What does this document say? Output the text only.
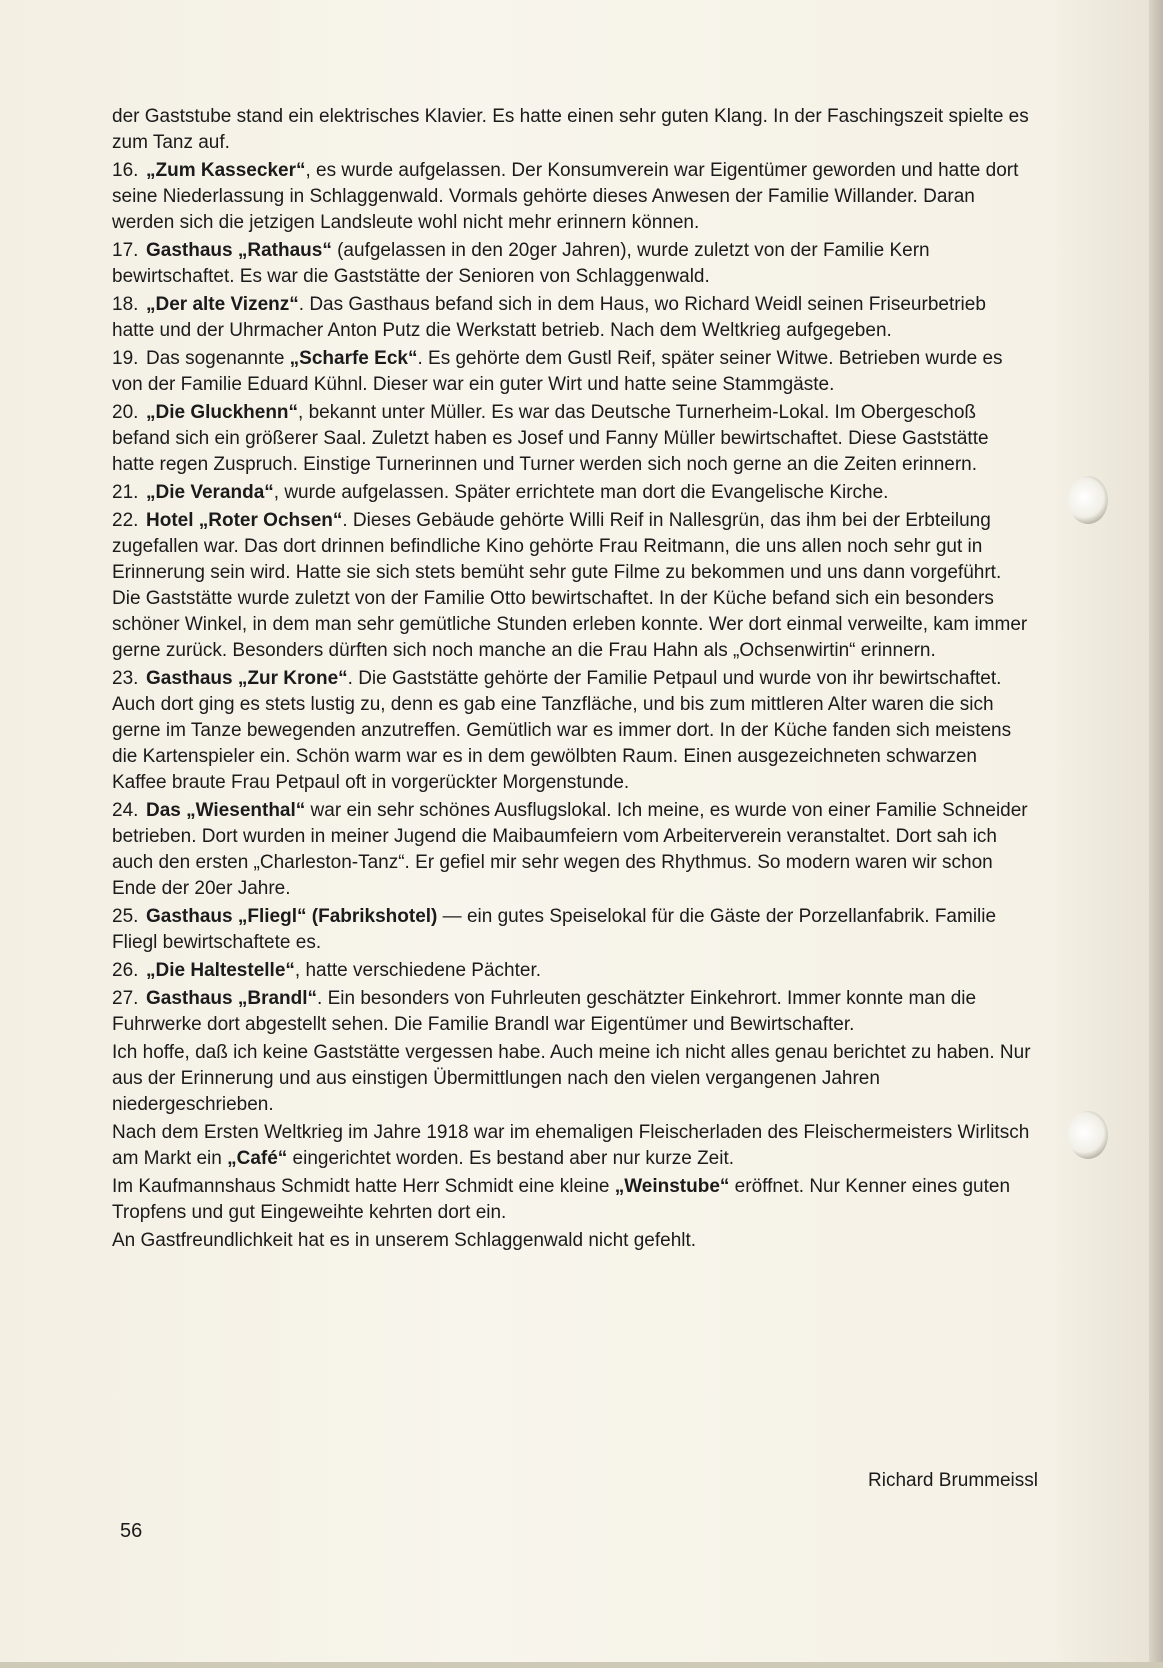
der Gaststube stand ein elektrisches Klavier. Es hatte einen sehr guten Klang. In der Faschingszeit spielte es zum Tanz auf.

16. „Zum Kassecker“, es wurde aufgelassen. Der Konsumverein war Eigentümer geworden und hatte dort seine Niederlassung in Schlaggenwald. Vormals gehörte dieses Anwesen der Familie Willander. Daran werden sich die jetzigen Landsleute wohl nicht mehr erinnern können.

17. Gasthaus „Rathaus“ (aufgelassen in den 20ger Jahren), wurde zuletzt von der Familie Kern bewirtschaftet. Es war die Gaststätte der Senioren von Schlaggenwald.

18. „Der alte Vizenz“. Das Gasthaus befand sich in dem Haus, wo Richard Weidl seinen Friseurbetrieb hatte und der Uhrmacher Anton Putz die Werkstatt betrieb. Nach dem Weltkrieg aufgegeben.

19. Das sogenannte „Scharfe Eck“. Es gehörte dem Gustl Reif, später seiner Witwe. Betrieben wurde es von der Familie Eduard Kühnl. Dieser war ein guter Wirt und hatte seine Stammgäste.

20. „Die Gluckhenn“, bekannt unter Müller. Es war das Deutsche Turnerheim-Lokal. Im Obergeschoß befand sich ein größerer Saal. Zuletzt haben es Josef und Fanny Müller bewirtschaftet. Diese Gaststätte hatte regen Zuspruch. Einstige Turnerinnen und Turner werden sich noch gerne an die Zeiten erinnern.

21. „Die Veranda“, wurde aufgelassen. Später errichtete man dort die Evangelische Kirche.

22. Hotel „Roter Ochsen“. Dieses Gebäude gehörte Willi Reif in Nallesgrün, das ihm bei der Erbteilung zugefallen war. Das dort drinnen befindliche Kino gehörte Frau Reitmann, die uns allen noch sehr gut in Erinnerung sein wird. Hatte sie sich stets bemüht sehr gute Filme zu bekommen und uns dann vorgeführt. Die Gaststätte wurde zuletzt von der Familie Otto bewirtschaftet. In der Küche befand sich ein besonders schöner Winkel, in dem man sehr gemütliche Stunden erleben konnte. Wer dort einmal verweilte, kam immer gerne zurück. Besonders dürften sich noch manche an die Frau Hahn als „Ochsenwirtin“ erinnern.

23. Gasthaus „Zur Krone“. Die Gaststätte gehörte der Familie Petpaul und wurde von ihr bewirtschaftet. Auch dort ging es stets lustig zu, denn es gab eine Tanzfläche, und bis zum mittleren Alter waren die sich gerne im Tanze bewegenden anzutreffen. Gemütlich war es immer dort. In der Küche fanden sich meistens die Kartenspieler ein. Schön warm war es in dem gewölbten Raum. Einen ausgezeichneten schwarzen Kaffee braute Frau Petpaul oft in vorgerückter Morgenstunde.

24. Das „Wiesenthal“ war ein sehr schönes Ausflugslokal. Ich meine, es wurde von einer Familie Schneider betrieben. Dort wurden in meiner Jugend die Maibaumfeiern vom Arbeiterverein veranstaltet. Dort sah ich auch den ersten „Charleston-Tanz“. Er gefiel mir sehr wegen des Rhythmus. So modern waren wir schon Ende der 20er Jahre.

25. Gasthaus „Fliegl“ (Fabrikshotel) — ein gutes Speiselokal für die Gäste der Porzellanfabrik. Familie Fliegl bewirtschaftete es.

26. „Die Haltestelle“, hatte verschiedene Pächter.

27. Gasthaus „Brandl“. Ein besonders von Fuhrleuten geschätzter Einkehrort. Immer konnte man die Fuhrwerke dort abgestellt sehen. Die Familie Brandl war Eigentümer und Bewirtschafter.

Ich hoffe, daß ich keine Gaststätte vergessen habe. Auch meine ich nicht alles genau berichtet zu haben. Nur aus der Erinnerung und aus einstigen Übermittlungen nach den vielen vergangenen Jahren niedergeschrieben.

Nach dem Ersten Weltkrieg im Jahre 1918 war im ehemaligen Fleischerladen des Fleischermeisters Wirlitsch am Markt ein „Café“ eingerichtet worden. Es bestand aber nur kurze Zeit.

Im Kaufmannshaus Schmidt hatte Herr Schmidt eine kleine „Weinstube“ eröffnet. Nur Kenner eines guten Tropfens und gut Eingeweihte kehrten dort ein.

An Gastfreundlichkeit hat es in unserem Schlaggenwald nicht gefehlt.

Richard Brummeissl
56
